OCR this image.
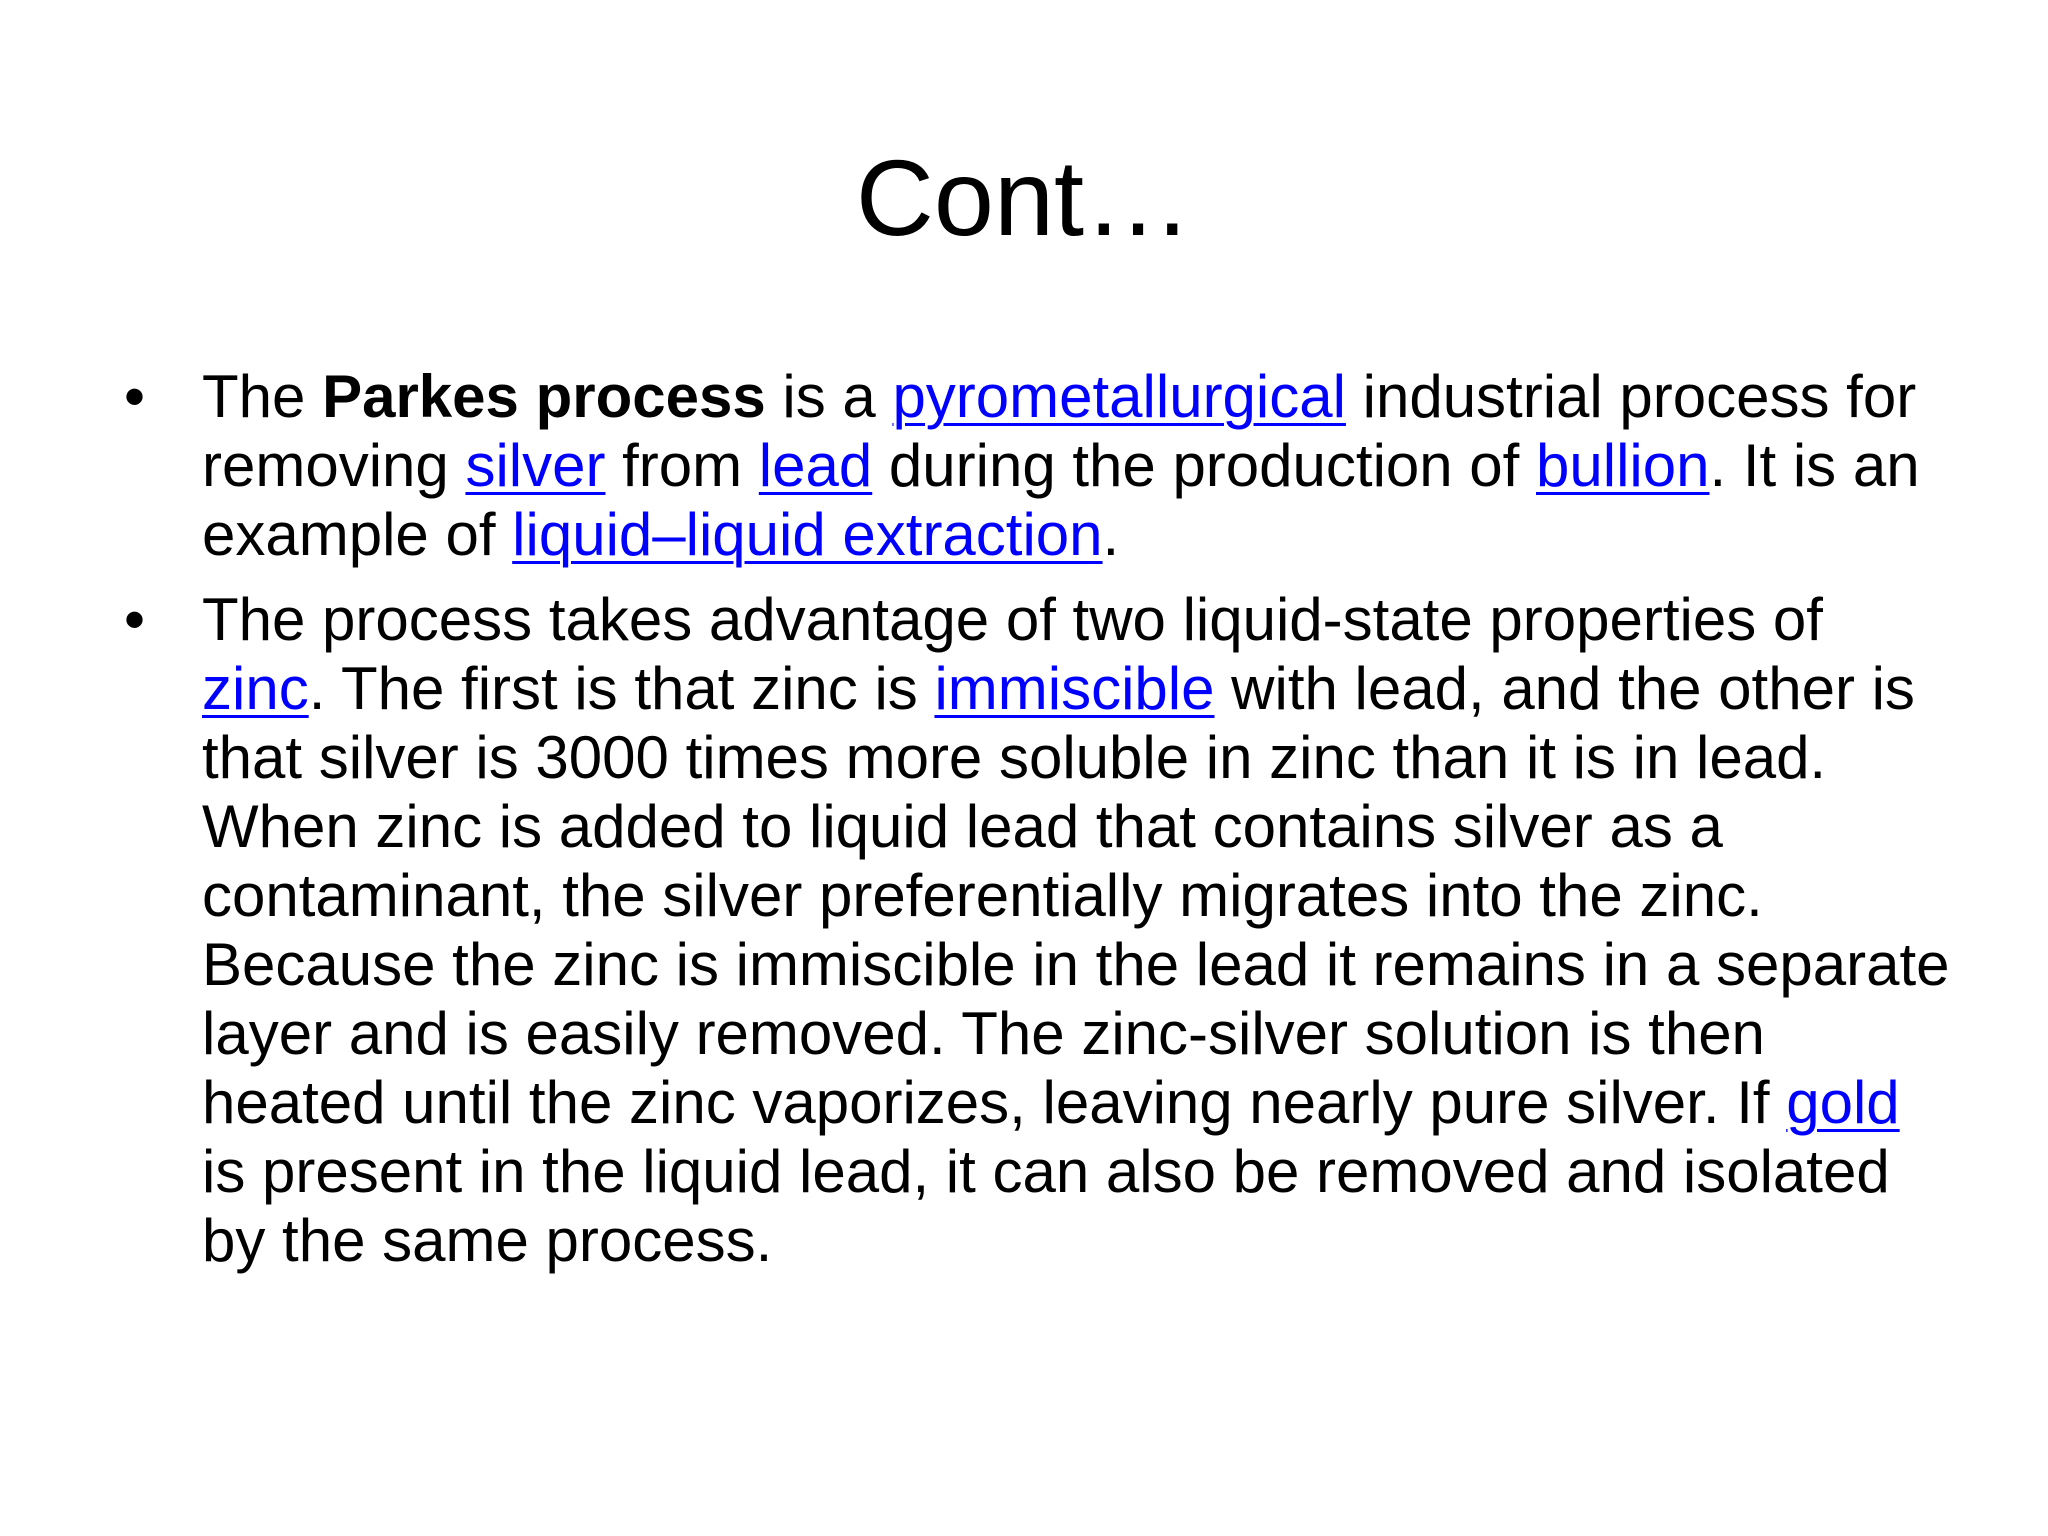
Cont…
• The Parkes process is a pyrometallurgical industrial process for removing silver from lead during the production of bullion. It is an example of liquid–liquid extraction.
• The process takes advantage of two liquid-state properties of zinc. The first is that zinc is immiscible with lead, and the other is that silver is 3000 times more soluble in zinc than it is in lead. When zinc is added to liquid lead that contains silver as a contaminant, the silver preferentially migrates into the zinc. Because the zinc is immiscible in the lead it remains in a separate layer and is easily removed. The zinc-silver solution is then heated until the zinc vaporizes, leaving nearly pure silver. If gold is present in the liquid lead, it can also be removed and isolated by the same process.
